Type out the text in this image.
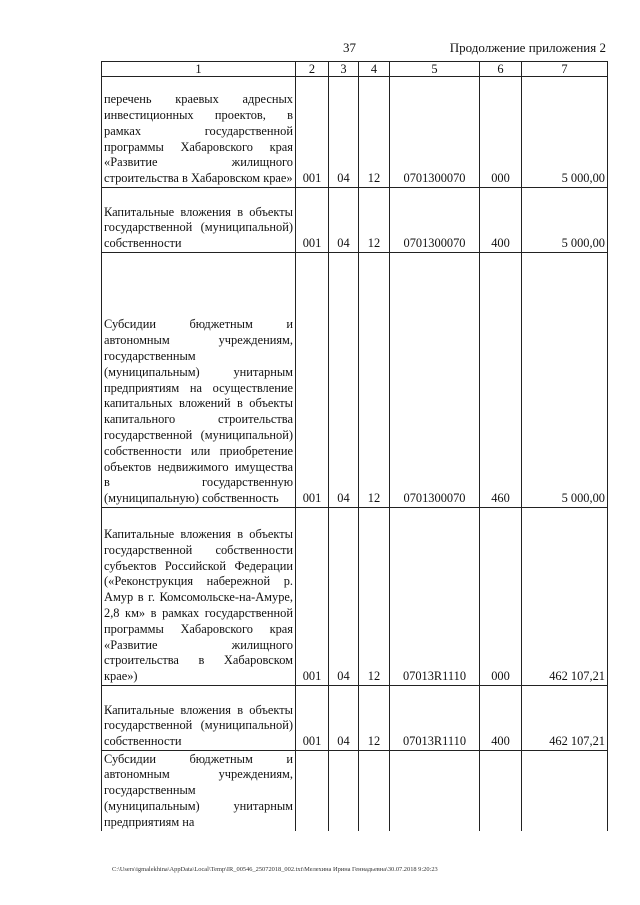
37	Продолжение приложения 2
1	2	3	4	5	6	7

перечень краевых адресных инвестиционных проектов, в рамках государственной программы Хабаровского края «Развитие жилищного строительства в Хабаровском крае»	001	04	12	0701300070	000	5 000,00

Капитальные вложения в объекты государственной (муниципальной) собственности	001	04	12	0701300070	400	5 000,00

Субсидии бюджетным и автономным учреждениям, государственным (муниципальным) унитарным предприятиям на осуществление капитальных вложений в объекты капитального строительства государственной (муниципальной) собственности или приобретение объектов недвижимого имущества в государственную (муниципальную) собственность	001	04	12	0701300070	460	5 000,00

Капитальные вложения в объекты государственной собственности субъектов Российской Федерации («Реконструкция набережной р. Амур в г. Комсомольске-на-Амуре, 2,8 км» в рамках государственной программы Хабаровского края «Развитие жилищного строительства в Хабаровском крае»)	001	04	12	07013R1110	000	462 107,21

Капитальные вложения в объекты государственной (муниципальной) собственности	001	04	12	07013R1110	400	462 107,21

Субсидии бюджетным и автономным учреждениям, государственным (муниципальным) унитарным предприятиям на						

C:\Users\igmalekhina\AppData\Local\Temp\IR_00546_25072018_002.txt\Мелехина Ирина Геннадьевна\30.07.2018 9:20:23
